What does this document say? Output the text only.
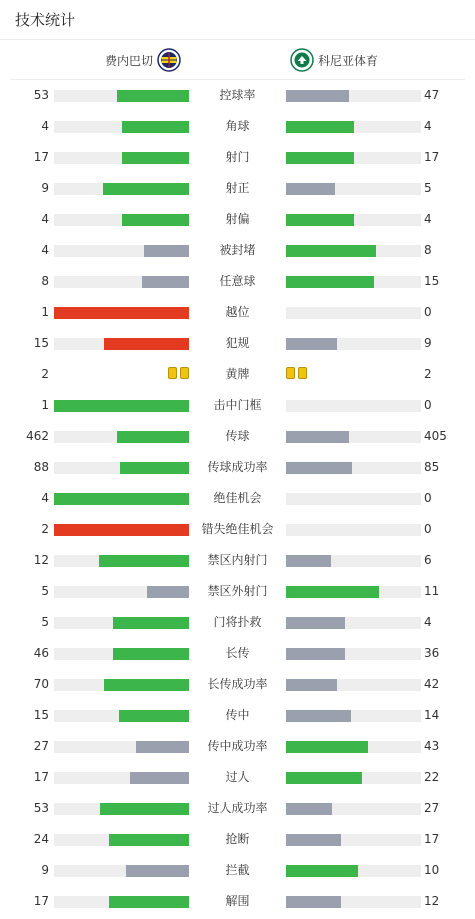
技术统计
费内巴切	科尼亚体育
53	控球率	47
4	角球	4
17	射门	17
9	射正	5
4	射偏	4
4	被封堵	8
8	任意球	15
1	越位	0
15	犯规	9
2	黄牌	2
1	击中门框	0
462	传球	405
88	传球成功率	85
4	绝佳机会	0
2	错失绝佳机会	0
12	禁区内射门	6
5	禁区外射门	11
5	门将扑救	4
46	长传	36
70	长传成功率	42
15	传中	14
27	传中成功率	43
17	过人	22
53	过人成功率	27
24	抢断	17
9	拦截	10
17	解围	12
